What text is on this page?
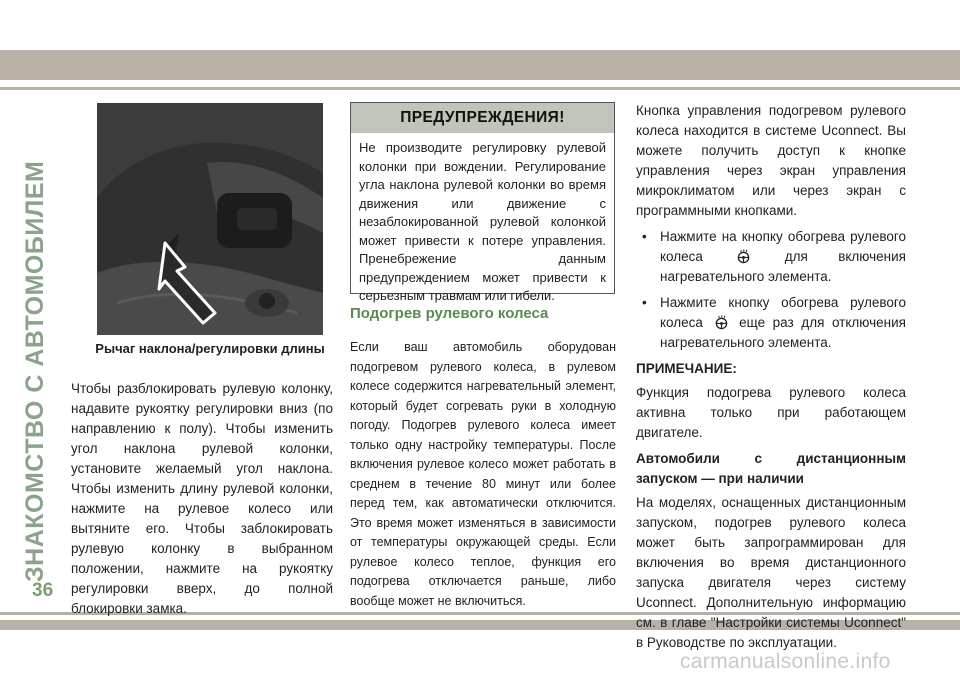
ЗНАКОМСТВО С АВТОМОБИЛЕМ
36
Рычаг наклона/регулировки длины

Чтобы разблокировать рулевую колонку, надавите рукоятку регулировки вниз (по направлению к полу). Чтобы изменить угол наклона рулевой колонки, установите желаемый угол наклона. Чтобы изменить длину рулевой колонки, нажмите на рулевое колесо или вытяните его. Чтобы заблокировать рулевую колонку в выбранном положении, нажмите на рукоятку регулировки вверх, до полной блокировки замка.

ПРЕДУПРЕЖДЕНИЯ!
Не производите регулировку рулевой колонки при вождении. Регулирование угла наклона рулевой колонки во время движения или движение с незаблокированной рулевой колонкой может привести к потере управления. Пренебрежение данным предупреждением может привести к серьезным травмам или гибели.
Подогрев рулевого колеса

Если ваш автомобиль оборудован подогревом рулевого колеса, в рулевом колесе содержится нагревательный элемент, который будет согревать руки в холодную погоду. Подогрев рулевого колеса имеет только одну настройку температуры. После включения рулевое колесо может работать в среднем в течение 80 минут или более перед тем, как автоматически отключится. Это время может изменяться в зависимости от температуры окружающей среды. Если рулевое колесо теплое, функция его подогрева отключается раньше, либо вообще может не включиться.

Кнопка управления подогревом рулевого колеса находится в системе Uconnect. Вы можете получить доступ к кнопке управления через экран управления микроклиматом или через экран с программными кнопками.

• Нажмите на кнопку обогрева рулевого колеса	для включения нагревательного элемента.

• Нажмите кнопку обогрева рулевого колеса	еще раз для отключения нагревательного элемента.

ПРИМЕЧАНИЕ:

Функция подогрева рулевого колеса активна только при работающем двигателе.

Автомобили с дистанционным запуском — при наличии

На моделях, оснащенных дистанционным запуском, подогрев рулевого колеса может быть запрограммирован для включения во время дистанционного запуска двигателя через систему Uconnect. Дополнительную информацию см. в главе "Настройки системы Uconnect" в Руководстве по эксплуатации.

carmanualsonline.info
